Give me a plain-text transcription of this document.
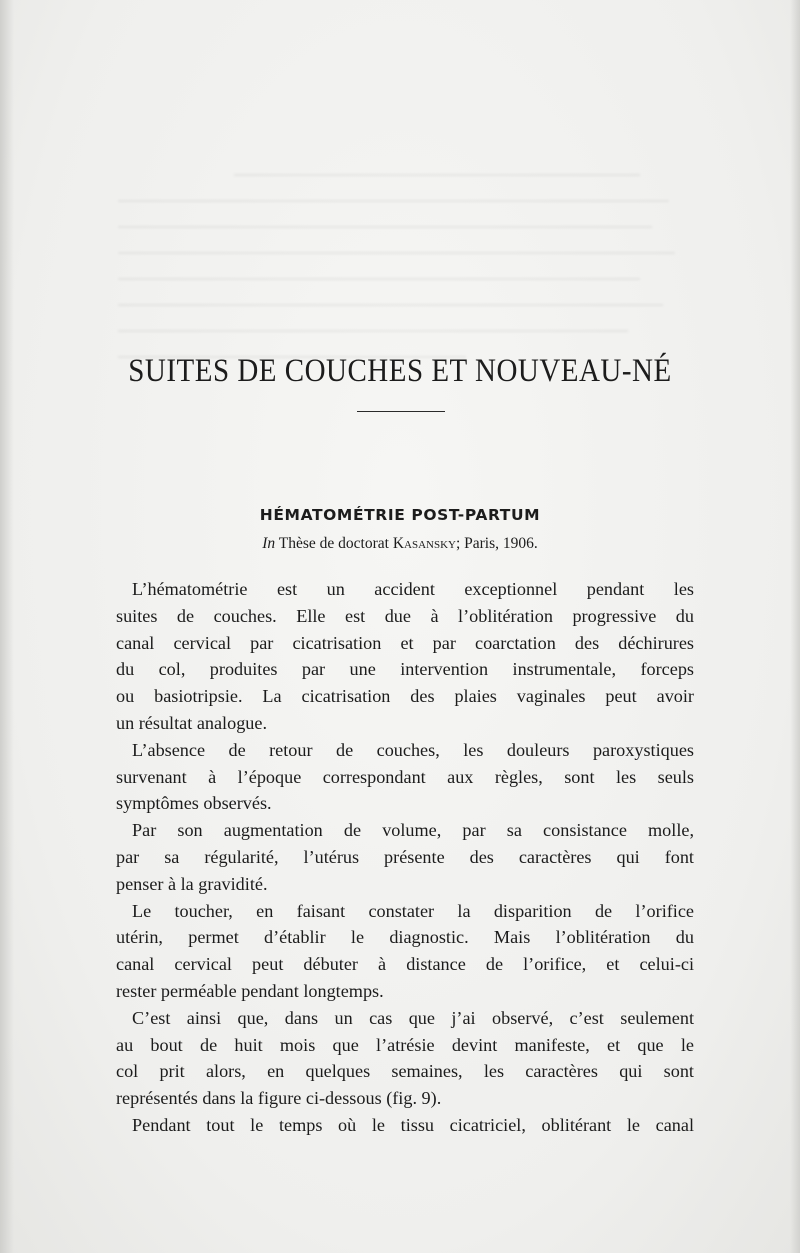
SUITES DE COUCHES ET NOUVEAU-NÉ
HÉMATOMÉTRIE POST-PARTUM
In Thèse de doctorat Kasansky; Paris, 1906.
L’hématométrie est un accident exceptionnel pendant les
suites de couches. Elle est due à l’oblitération progressive du
canal cervical par cicatrisation et par coarctation des déchirures
du col, produites par une intervention instrumentale, forceps
ou basiotripsie. La cicatrisation des plaies vaginales peut avoir
un résultat analogue.
L’absence de retour de couches, les douleurs paroxystiques
survenant à l’époque correspondant aux règles, sont les seuls
symptômes observés.
Par son augmentation de volume, par sa consistance molle,
par sa régularité, l’utérus présente des caractères qui font
penser à la gravidité.
Le toucher, en faisant constater la disparition de l’orifice
utérin, permet d’établir le diagnostic. Mais l’oblitération du
canal cervical peut débuter à distance de l’orifice, et celui-ci
rester perméable pendant longtemps.
C’est ainsi que, dans un cas que j’ai observé, c’est seulement
au bout de huit mois que l’atrésie devint manifeste, et que le
col prit alors, en quelques semaines, les caractères qui sont
représentés dans la figure ci-dessous (fig. 9).
Pendant tout le temps où le tissu cicatriciel, oblitérant le canal
